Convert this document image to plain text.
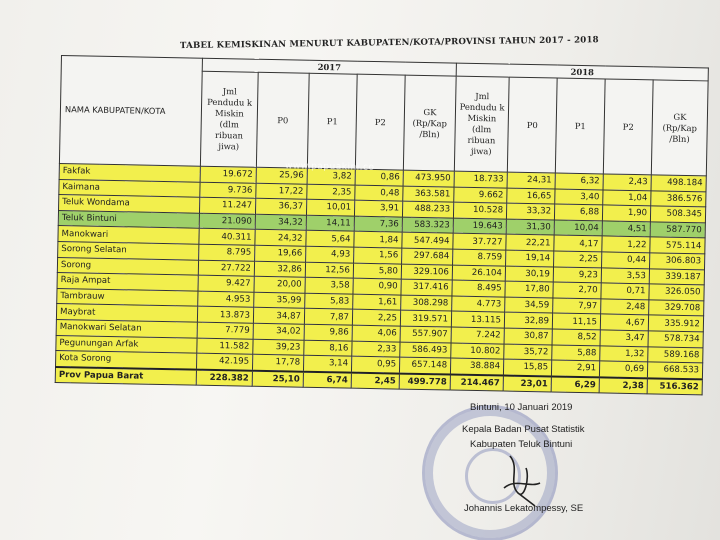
TABEL KEMISKINAN MENURUT KABUPATEN/KOTA/PROVINSI TAHUN 2017 - 2018
NAMA KABUPATEN/KOTA	2017					2018				
	Jml Pendudu k Miskin (dlm ribuan jiwa)	P0	P1	P2	GK (Rp/Kap /Bln)	Jml Pendudu k Miskin (dlm ribuan jiwa)	P0	P1	P2	GK (Rp/Kap /Bln)
Fakfak	19.672	25,96	3,82	0,86	473.950	18.733	24,31	6,32	2,43	498.184
Kaimana	9.736	17,22	2,35	0,48	363.581	9.662	16,65	3,40	1,04	386.576
Teluk Wondama	11.247	36,37	10,01	3,91	488.233	10.528	33,32	6,88	1,90	508.345
Teluk Bintuni	21.090	34,32	14,11	7,36	583.323	19.643	31,30	10,04	4,51	587.770
Manokwari	40.311	24,32	5,64	1,84	547.494	37.727	22,21	4,17	1,22	575.114
Sorong Selatan	8.795	19,66	4,93	1,56	297.684	8.759	19,14	2,25	0,44	306.803
Sorong	27.722	32,86	12,56	5,80	329.106	26.104	30,19	9,23	3,53	339.187
Raja Ampat	9.427	20,00	3,58	0,90	317.416	8.495	17,80	2,70	0,71	326.050
Tambrauw	4.953	35,99	5,83	1,61	308.298	4.773	34,59	7,97	2,48	329.708
Maybrat	13.873	34,87	7,87	2,25	319.571	13.115	32,89	11,15	4,67	335.912
Manokwari Selatan	7.779	34,02	9,86	4,06	557.907	7.242	30,87	8,52	3,47	578.734
Pegunungan Arfak	11.582	39,23	8,16	2,33	586.493	10.802	35,72	5,88	1,32	589.168
Kota Sorong	42.195	17,78	3,14	0,95	657.148	38.884	15,85	2,91	0,69	668.533
Prov Papua Barat	228.382	25,10	6,74	2,45	499.778	214.467	23,01	6,29	2,38	516.362
www.papuakini.co
Bintuni, 10 Januari 2019
Kepala Badan Pusat Statistik
Kabupaten Teluk Bintuni
Johannis Lekatompessy, SE
